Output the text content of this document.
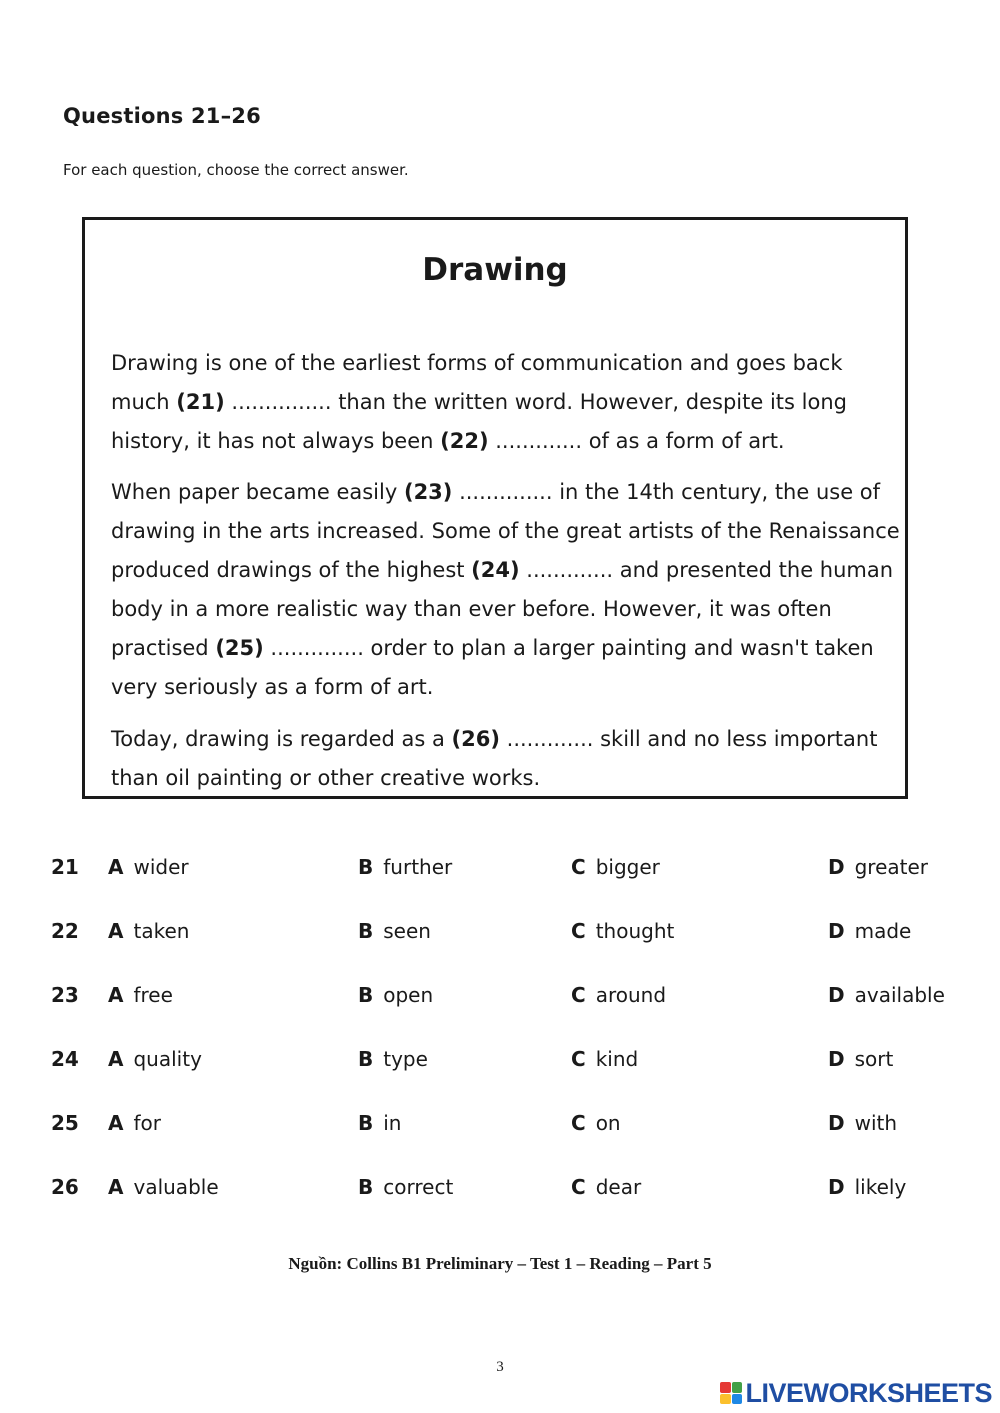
Questions 21–26
For each question, choose the correct answer.
Drawing

Drawing is one of the earliest forms of communication and goes back much (21) ............... than the written word. However, despite its long history, it has not always been (22) ............. of as a form of art.

When paper became easily (23) .............. in the 14th century, the use of drawing in the arts increased. Some of the great artists of the Renaissance produced drawings of the highest (24) ............. and presented the human body in a more realistic way than ever before. However, it was often practised (25) .............. order to plan a larger painting and wasn't taken very seriously as a form of art.

Today, drawing is regarded as a (26) ............. skill and no less important than oil painting or other creative works.

21 A wider	B further	C bigger	D greater
22 A taken	B seen	C thought	D made
23 A free	B open	C around	D available
24 A quality	B type	C kind	D sort
25 A for	B in	C on	D with
26 A valuable	B correct	C dear	D likely
Nguồn: Collins B1 Preliminary – Test 1 – Reading – Part 5
3
LIVEWORKSHEETS
